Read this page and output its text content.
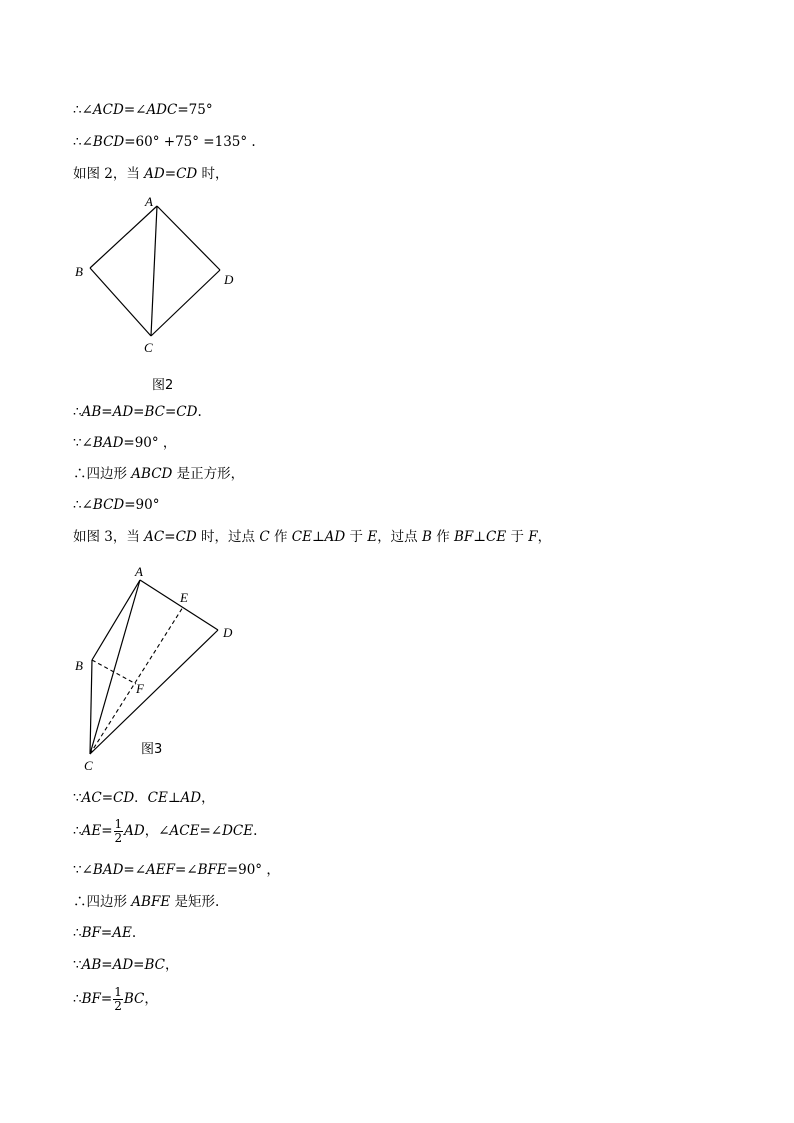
∴∠ACD=∠ADC=75°
∴∠BCD=60° +75° =135° .
如图 2，当 AD=CD 时，
A
B
C
D
图2
∴AB=AD=BC=CD.
∵∠BAD=90° ，
∴四边形 ABCD 是正方形，
∴∠BCD=90°
如图 3，当 AC=CD 时，过点 C 作 CE⊥AD 于 E，过点 B 作 BF⊥CE 于 F，
A
B
C
D
E
F
图3
∵AC=CD．CE⊥AD，
∴AE= $\frac{1}{2}$ AD，∠ACE=∠DCE.
∵∠BAD=∠AEF=∠BFE=90° ，
∴四边形 ABFE 是矩形.
∴BF=AE.
∵AB=AD=BC，
∴BF= $\frac{1}{2}$ BC，
